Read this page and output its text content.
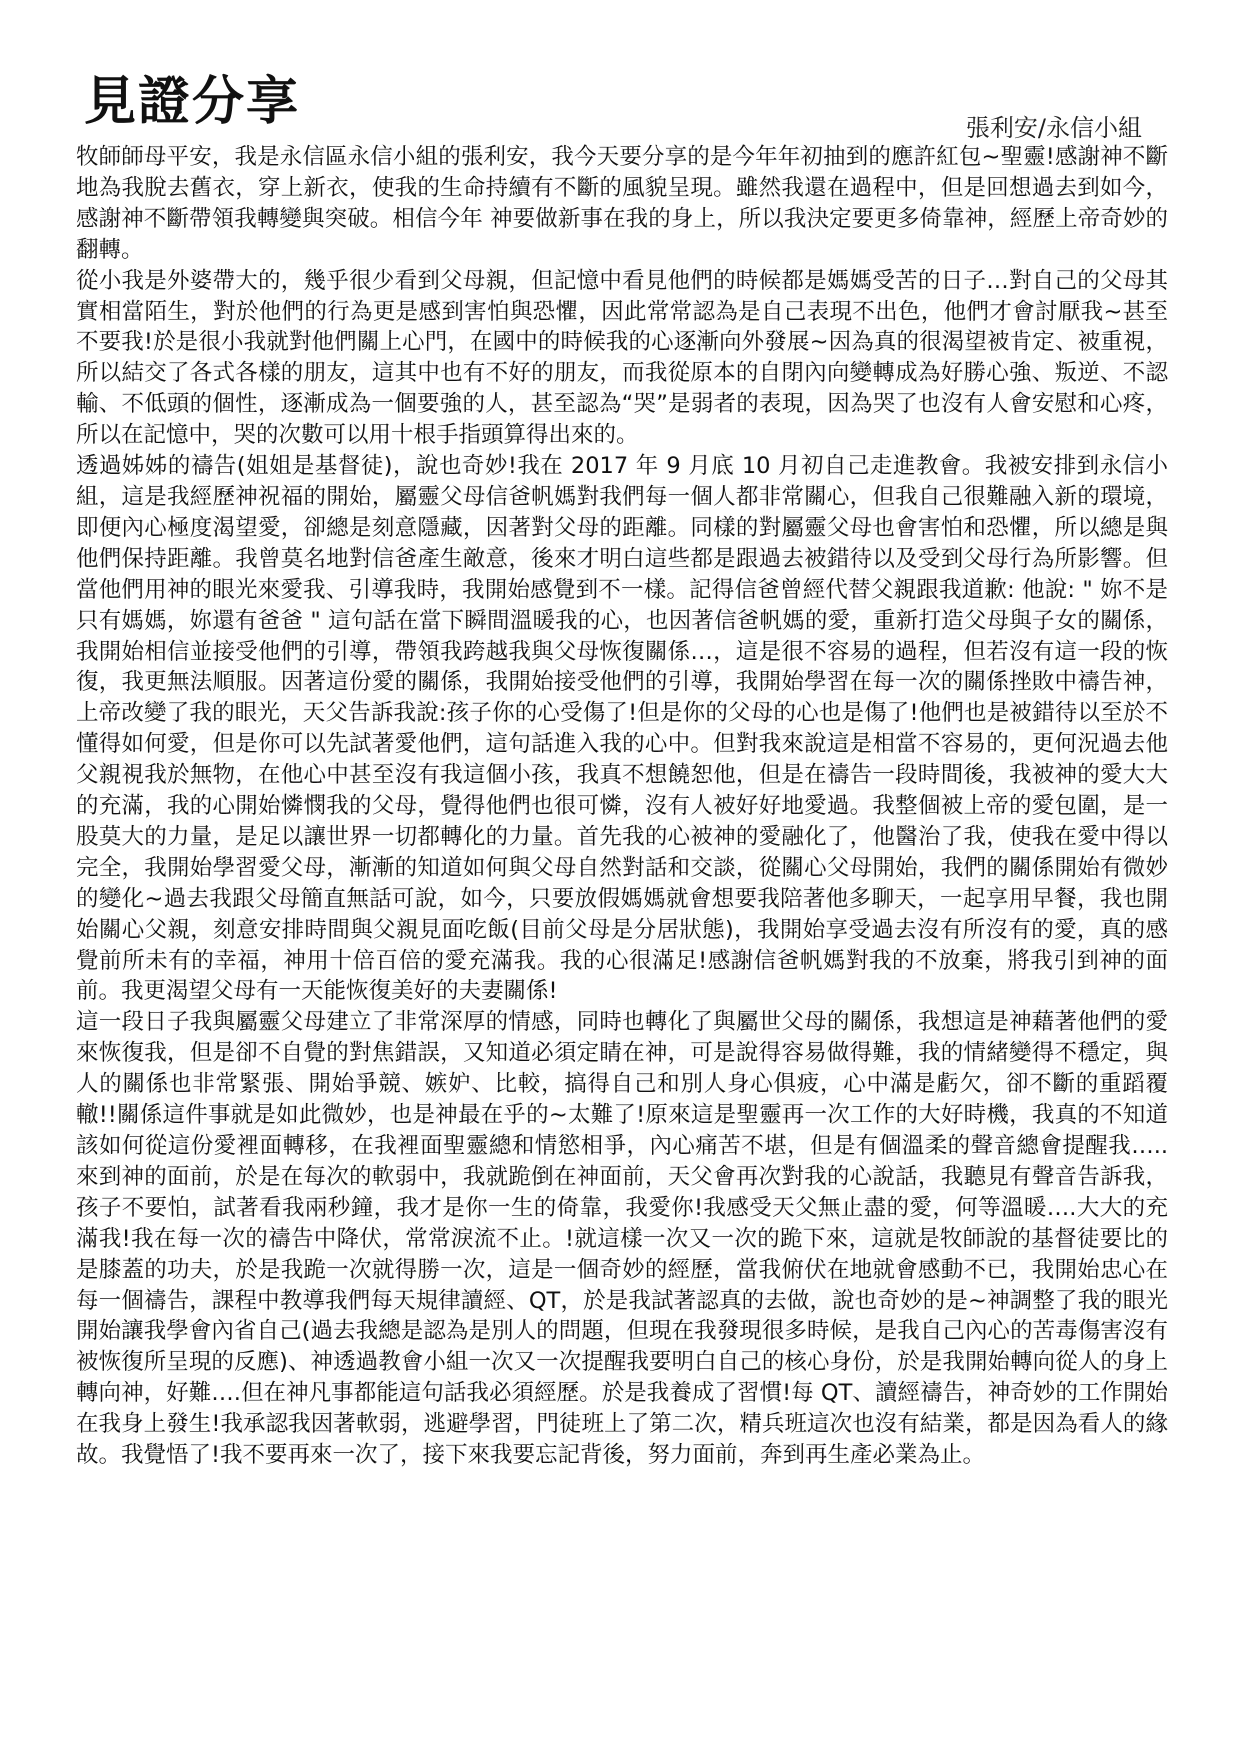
見證分享	張利安/永信小組

牧師師母平安，我是永信區永信小組的張利安，我今天要分享的是今年年初抽到的應許紅包~聖靈!感謝神不斷地為我脫去舊衣，穿上新衣，使我的生命持續有不斷的風貌呈現。雖然我還在過程中，但是回想過去到如今，感謝神不斷帶領我轉變與突破。相信今年 神要做新事在我的身上，所以我決定要更多倚靠神，經歷上帝奇妙的翻轉。

從小我是外婆帶大的，幾乎很少看到父母親，但記憶中看見他們的時候都是媽媽受苦的日子…對自己的父母其實相當陌生，對於他們的行為更是感到害怕與恐懼，因此常常認為是自己表現不出色，他們才會討厭我~甚至不要我!於是很小我就對他們關上心門，在國中的時候我的心逐漸向外發展~因為真的很渴望被肯定、被重視，所以結交了各式各樣的朋友，這其中也有不好的朋友，而我從原本的自閉內向變轉成為好勝心強、叛逆、不認輸、不低頭的個性，逐漸成為一個要強的人，甚至認為“哭”是弱者的表現，因為哭了也沒有人會安慰和心疼，所以在記憶中，哭的次數可以用十根手指頭算得出來的。

透過姊姊的禱告(姐姐是基督徒)，說也奇妙!我在 2017 年 9 月底 10 月初自己走進教會。我被安排到永信小組，這是我經歷神祝福的開始，屬靈父母信爸帆媽對我們每一個人都非常關心，但我自己很難融入新的環境，即便內心極度渴望愛，卻總是刻意隱藏，因著對父母的距離。同樣的對屬靈父母也會害怕和恐懼，所以總是與他們保持距離。我曾莫名地對信爸產生敵意，後來才明白這些都是跟過去被錯待以及受到父母行為所影響。但當他們用神的眼光來愛我、引導我時，我開始感覺到不一樣。記得信爸曾經代替父親跟我道歉: 他說: " 妳不是只有媽媽，妳還有爸爸 " 這句話在當下瞬間溫暖我的心，也因著信爸帆媽的愛，重新打造父母與子女的關係，我開始相信並接受他們的引導，帶領我跨越我與父母恢復關係…，這是很不容易的過程，但若沒有這一段的恢復，我更無法順服。因著這份愛的關係，我開始接受他們的引導，我開始學習在每一次的關係挫敗中禱告神， 上帝改變了我的眼光，天父告訴我說:孩子你的心受傷了!但是你的父母的心也是傷了!他們也是被錯待以至於不懂得如何愛，但是你可以先試著愛他們，這句話進入我的心中。但對我來說這是相當不容易的，更何況過去他父親視我於無物，在他心中甚至沒有我這個小孩，我真不想饒恕他，但是在禱告一段時間後，我被神的愛大大的充滿，我的心開始憐憫我的父母，覺得他們也很可憐，沒有人被好好地愛過。我整個被上帝的愛包圍，是一股莫大的力量，是足以讓世界一切都轉化的力量。首先我的心被神的愛融化了，他醫治了我，使我在愛中得以完全，我開始學習愛父母，漸漸的知道如何與父母自然對話和交談，從關心父母開始，我們的關係開始有微妙的變化~過去我跟父母簡直無話可說，如今，只要放假媽媽就會想要我陪著他多聊天，一起享用早餐，我也開始關心父親，刻意安排時間與父親見面吃飯(目前父母是分居狀態)，我開始享受過去沒有所沒有的愛，真的感覺前所未有的幸福，神用十倍百倍的愛充滿我。我的心很滿足!感謝信爸帆媽對我的不放棄，將我引到神的面前。我更渴望父母有一天能恢復美好的夫妻關係!

這一段日子我與屬靈父母建立了非常深厚的情感，同時也轉化了與屬世父母的關係，我想這是神藉著他們的愛來恢復我，但是卻不自覺的對焦錯誤，又知道必須定睛在神，可是說得容易做得難，我的情緒變得不穩定，與人的關係也非常緊張、開始爭競、嫉妒、比較，搞得自己和別人身心俱疲，心中滿是虧欠，卻不斷的重蹈覆轍!!關係這件事就是如此微妙，也是神最在乎的~太難了!原來這是聖靈再一次工作的大好時機，我真的不知道該如何從這份愛裡面轉移，在我裡面聖靈總和情慾相爭，內心痛苦不堪，但是有個溫柔的聲音總會提醒我…..來到神的面前，於是在每次的軟弱中，我就跪倒在神面前，天父會再次對我的心說話，我聽見有聲音告訴我，孩子不要怕，試著看我兩秒鐘，我才是你一生的倚靠，我愛你!我感受天父無止盡的愛，何等溫暖….大大的充滿我!我在每一次的禱告中降伏，常常淚流不止。!就這樣一次又一次的跪下來，這就是牧師說的基督徒要比的是膝蓋的功夫，於是我跪一次就得勝一次，這是一個奇妙的經歷，當我俯伏在地就會感動不已，我開始忠心在每一個禱告，課程中教導我們每天規律讀經、QT，於是我試著認真的去做，說也奇妙的是~神調整了我的眼光開始讓我學會內省自己(過去我總是認為是別人的問題，但現在我發現很多時候，是我自己內心的苦毒傷害沒有被恢復所呈現的反應)、神透過教會小組一次又一次提醒我要明白自己的核心身份，於是我開始轉向從人的身上轉向神，好難….但在神凡事都能這句話我必須經歷。於是我養成了習慣!每 QT、讀經禱告，神奇妙的工作開始在我身上發生!我承認我因著軟弱，逃避學習，門徒班上了第二次，精兵班這次也沒有結業，都是因為看人的緣故。我覺悟了!我不要再來一次了，接下來我要忘記背後，努力面前，奔到再生產必業為止。
